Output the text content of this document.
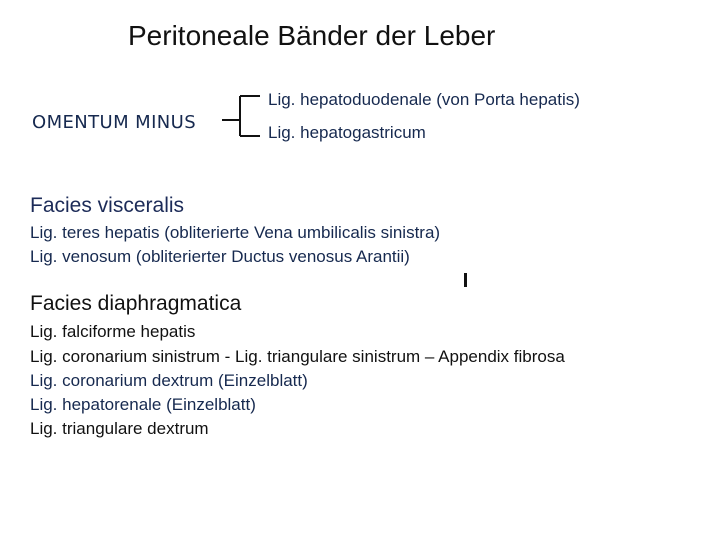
Peritoneale Bänder der Leber
OMENTUM MINUS
Lig. hepatoduodenale (von Porta hepatis)
Lig. hepatogastricum
Facies visceralis
Lig. teres hepatis (obliterierte Vena umbilicalis sinistra)
Lig. venosum (obliterierter Ductus venosus Arantii)
Facies diaphragmatica
Lig. falciforme hepatis
Lig. coronarium sinistrum - Lig. triangulare sinistrum – Appendix fibrosa
Lig. coronarium dextrum (Einzelblatt)
Lig. hepatorenale (Einzelblatt)
Lig. triangulare dextrum
